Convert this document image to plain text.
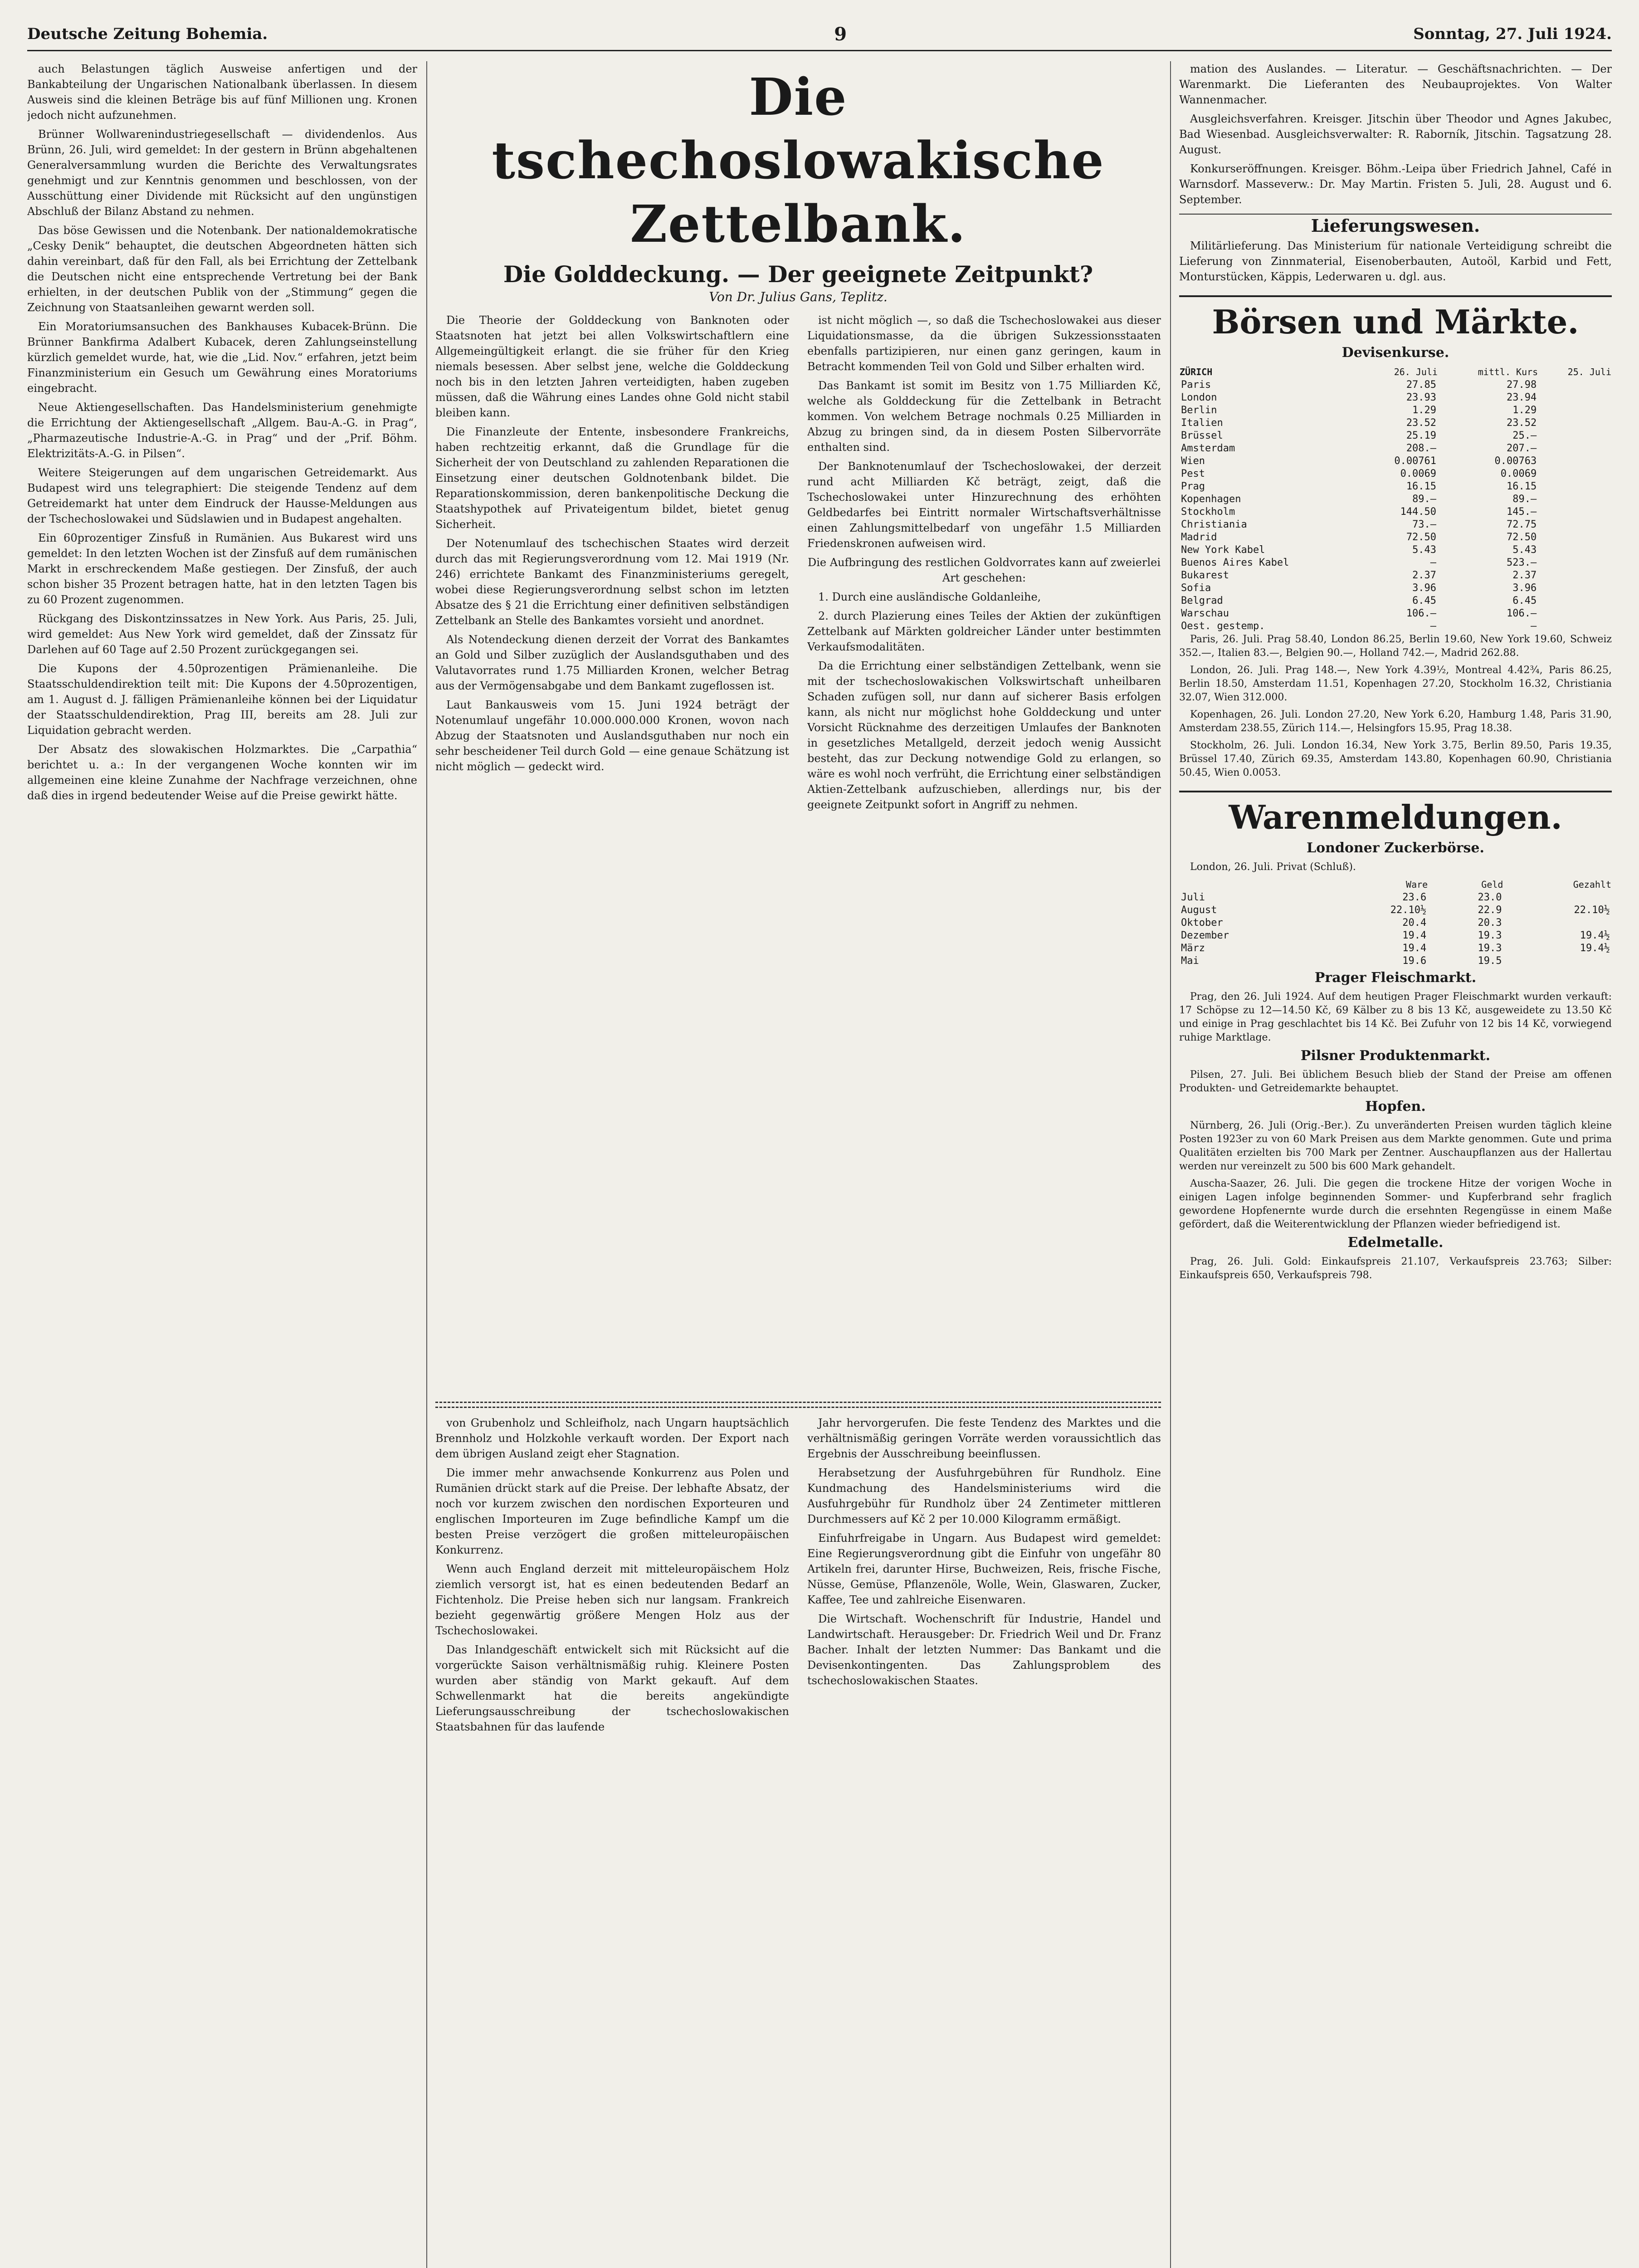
Deutsche Zeitung Bohemia.	9	Sonntag, 27. Juli 1924.

auch Belastungen täglich Ausweise anfertigen und der Bankabteilung der Ungarischen Nationalbank überlassen. In diesem Ausweis sind die kleinen Beträge bis auf fünf Millionen ung. Kronen jedoch nicht aufzunehmen.

Brünner Wollwarenindustriegesellschaft — dividendenlos. Aus Brünn, 26. Juli, wird gemeldet: In der gestern in Brünn abgehaltenen Generalversammlung wurden die Berichte des Verwaltungsrates genehmigt und zur Kenntnis genommen und beschlossen, von der Ausschüttung einer Dividende mit Rücksicht auf den ungünstigen Abschluß der Bilanz Abstand zu nehmen.

Das böse Gewissen und die Notenbank. Der nationaldemokratische „Cesky Denik“ behauptet, die deutschen Abgeordneten hätten sich dahin vereinbart, daß für den Fall, als bei Errichtung der Zettelbank die Deutschen nicht eine entsprechende Vertretung bei der Bank erhielten, in der deutschen Publik von der „Stimmung“ gegen die Zeichnung von Staatsanleihen gewarnt werden soll.

Ein Moratoriumsansuchen des Bankhauses Kubacek-Brünn. Die Brünner Bankfirma Adalbert Kubacek, deren Zahlungseinstellung kürzlich gemeldet wurde, hat, wie die „Lid. Nov.“ erfahren, jetzt beim Finanzministerium ein Gesuch um Gewährung eines Moratoriums eingebracht.

Neue Aktiengesellschaften. Das Handelsministerium genehmigte die Errichtung der Aktiengesellschaft „Allgem. Bau-A.-G. in Prag“, „Pharmazeutische Industrie-A.-G. in Prag“ und der „Prif. Böhm. Elektrizitäts-A.-G. in Pilsen“.

Weitere Steigerungen auf dem ungarischen Getreidemarkt. Aus Budapest wird uns telegraphiert: Die steigende Tendenz auf dem Getreidemarkt hat unter dem Eindruck der Hausse-Meldungen aus der Tschechoslowakei und Südslawien und in Budapest angehalten.

Ein 60prozentiger Zinsfuß in Rumänien. Aus Bukarest wird uns gemeldet: In den letzten Wochen ist der Zinsfuß auf dem rumänischen Markt in erschreckendem Maße gestiegen. Der Zinsfuß, der auch schon bisher 35 Prozent betragen hatte, hat in den letzten Tagen bis zu 60 Prozent zugenommen.

Rückgang des Diskontzinssatzes in New York. Aus Paris, 25. Juli, wird gemeldet: Aus New York wird gemeldet, daß der Zinssatz für Darlehen auf 60 Tage auf 2.50 Prozent zurückgegangen sei.

Die Kupons der 4.50prozentigen Prämienanleihe. Die Staatsschuldendirektion teilt mit: Die Kupons der 4.50prozentigen, am 1. August d. J. fälligen Prämienanleihe können bei der Liquidatur der Staatsschuldendirektion, Prag III, bereits am 28. Juli zur Liquidation gebracht werden.

Der Absatz des slowakischen Holzmarktes. Die „Carpathia“ berichtet u. a.: In der vergangenen Woche konnten wir im allgemeinen eine kleine Zunahme der Nachfrage verzeichnen, ohne daß dies in irgend bedeutender Weise auf die Preise gewirkt hätte.

Die tschechoslowakische Zettelbank.
Die Golddeckung. — Der geeignete Zeitpunkt?
Von Dr. Julius Gans, Teplitz.

Die Theorie der Golddeckung von Banknoten oder Staatsnoten hat jetzt bei allen Volkswirtschaftlern eine Allgemeingültigkeit erlangt. die sie früher für den Krieg niemals besessen. Aber selbst jene, welche die Golddeckung noch bis in den letzten Jahren verteidigten, haben zugeben müssen, daß die Währung eines Landes ohne Gold nicht stabil bleiben kann.

Die Finanzleute der Entente, insbesondere Frankreichs, haben rechtzeitig erkannt, daß die Grundlage für die Sicherheit der von Deutschland zu zahlenden Reparationen die Einsetzung einer deutschen Goldnotenbank bildet. Die Reparationskommission, deren bankenpolitische Deckung die Staatshypothek auf Privateigentum bildet, bietet genug Sicherheit.

Der Notenumlauf des tschechischen Staates wird derzeit durch das mit Regierungsverordnung vom 12. Mai 1919 (Nr. 246) errichtete Bankamt des Finanzministeriums geregelt, wobei diese Regierungsverordnung selbst schon im letzten Absatze des § 21 die Errichtung einer definitiven selbständigen Zettelbank an Stelle des Bankamtes vorsieht und anordnet.

Als Notendeckung dienen derzeit der Vorrat des Bankamtes an Gold und Silber zuzüglich der Auslandsguthaben und des Valutavorrates rund 1.75 Milliarden Kronen, welcher Betrag aus der Vermögensabgabe und dem Bankamt zugeflossen ist.

Laut Bankausweis vom 15. Juni 1924 beträgt der Notenumlauf ungefähr 10.000.000.000 Kronen, wovon nach Abzug der Staatsnoten und Auslandsguthaben nur noch ein sehr bescheidener Teil durch Gold — eine genaue Schätzung ist nicht möglich — gedeckt wird.

ist nicht möglich —, so daß die Tschechoslowakei aus dieser Liquidationsmasse, da die übrigen Sukzessionsstaaten ebenfalls partizipieren, nur einen ganz geringen, kaum in Betracht kommenden Teil von Gold und Silber erhalten wird.

Das Bankamt ist somit im Besitz von 1.75 Milliarden Kč, welche als Golddeckung für die Zettelbank in Betracht kommen. Von welchem Betrage nochmals 0.25 Milliarden in Abzug zu bringen sind, da in diesem Posten Silbervorräte enthalten sind.

Der Banknotenumlauf der Tschechoslowakei, der derzeit rund acht Milliarden Kč beträgt, zeigt, daß die Tschechoslowakei unter Hinzurechnung des erhöhten Geldbedarfes bei Eintritt normaler Wirtschaftsverhältnisse einen Zahlungsmittelbedarf von ungefähr 1.5 Milliarden Friedenskronen aufweisen wird.

Die Aufbringung des restlichen Goldvorrates kann auf zweierlei Art geschehen:

1. Durch eine ausländische Goldanleihe,

2. durch Plazierung eines Teiles der Aktien der zukünftigen Zettelbank auf Märkten goldreicher Länder unter bestimmten Verkaufsmodalitäten.

Da die Errichtung einer selbständigen Zettelbank, wenn sie mit der tschechoslowakischen Volkswirtschaft unheilbaren Schaden zufügen soll, nur dann auf sicherer Basis erfolgen kann, als nicht nur möglichst hohe Golddeckung und unter Vorsicht Rücknahme des derzeitigen Umlaufes der Banknoten in gesetzliches Metallgeld, derzeit jedoch wenig Aussicht besteht, das zur Deckung notwendige Gold zu erlangen, so wäre es wohl noch verfrüht, die Errichtung einer selbständigen Aktien-Zettelbank aufzuschieben, allerdings nur, bis der geeignete Zeitpunkt sofort in Angriff zu nehmen.

von Grubenholz und Schleifholz, nach Ungarn hauptsächlich Brennholz und Holzkohle verkauft worden. Der Export nach dem übrigen Ausland zeigt eher Stagnation.

Die immer mehr anwachsende Konkurrenz aus Polen und Rumänien drückt stark auf die Preise. Der lebhafte Absatz, der noch vor kurzem zwischen den nordischen Exporteuren und englischen Importeuren im Zuge befindliche Kampf um die besten Preise verzögert die großen mitteleuropäischen Konkurrenz.

Wenn auch England derzeit mit mitteleuropäischem Holz ziemlich versorgt ist, hat es einen bedeutenden Bedarf an Fichtenholz. Die Preise heben sich nur langsam. Frankreich bezieht gegenwärtig größere Mengen Holz aus der Tschechoslowakei.

Das Inlandgeschäft entwickelt sich mit Rücksicht auf die vorgerückte Saison verhältnismäßig ruhig. Kleinere Posten wurden aber ständig von Markt gekauft. Auf dem Schwellenmarkt hat die bereits angekündigte Lieferungsausschreibung der tschechoslowakischen Staatsbahnen für das laufende

Jahr hervorgerufen. Die feste Tendenz des Marktes und die verhältnismäßig geringen Vorräte werden voraussichtlich das Ergebnis der Ausschreibung beeinflussen.

Herabsetzung der Ausfuhrgebühren für Rundholz. Eine Kundmachung des Handelsministeriums wird die Ausfuhrgebühr für Rundholz über 24 Zentimeter mittleren Durchmessers auf Kč 2 per 10.000 Kilogramm ermäßigt.

Einfuhrfreigabe in Ungarn. Aus Budapest wird gemeldet: Eine Regierungsverordnung gibt die Einfuhr von ungefähr 80 Artikeln frei, darunter Hirse, Buchweizen, Reis, frische Fische, Nüsse, Gemüse, Pflanzenöle, Wolle, Wein, Glaswaren, Zucker, Kaffee, Tee und zahlreiche Eisenwaren.

Die Wirtschaft. Wochenschrift für Industrie, Handel und Landwirtschaft. Herausgeber: Dr. Friedrich Weil und Dr. Franz Bacher. Inhalt der letzten Nummer: Das Bankamt und die Devisenkontingenten. Das Zahlungsproblem des tschechoslowakischen Staates.

mation des Auslandes. — Literatur. — Geschäftsnachrichten. — Der Warenmarkt. Die Lieferanten des Neubauprojektes. Von Walter Wannenmacher.

Ausgleichsverfahren. Kreisger. Jitschin über Theodor und Agnes Jakubec, Bad Wiesenbad. Ausgleichsverwalter: R. Raborník, Jitschin. Tagsatzung 28. August.

Konkurseröffnungen. Kreisger. Böhm.-Leipa über Friedrich Jahnel, Café in Warnsdorf. Masseverw.: Dr. May Martin. Fristen 5. Juli, 28. August und 6. September.

Lieferungswesen.

Militärlieferung. Das Ministerium für nationale Verteidigung schreibt die Lieferung von Zinnmaterial, Eisenoberbauten, Autoöl, Karbid und Fett, Monturstücken, Käppis, Lederwaren u. dgl. aus.

Börsen und Märkte.
Devisenkurse.
ZÜRICH	26. Juli	mittl. Kurs	25. Juli
Paris	27.85	27.98	
London	23.93	23.94	
Berlin	1.29	1.29	
Italien	23.52	23.52	
Brüssel	25.19	25.—	
Amsterdam	208.—	207.—	
Wien	0.00761	0.00763	
Pest	0.0069	0.0069	
Prag	16.15	16.15	
Kopenhagen	89.—	89.—	
Stockholm	144.50	145.—	
Christiania	73.—	72.75	
Madrid	72.50	72.50	
New York Kabel	5.43	5.43	
Buenos Aires Kabel	—	523.—	
Bukarest	2.37	2.37	
Sofia	3.96	3.96	
Belgrad	6.45	6.45	
Warschau	106.—	106.—	
Oest. gestemp.	—	—	

Paris, 26. Juli. Prag 58.40, London 86.25, Berlin 19.60, New York 19.60, Schweiz 352.—, Italien 83.—, Belgien 90.—, Holland 742.—, Madrid 262.88.

London, 26. Juli. Prag 148.—, New York 4.39½, Montreal 4.42¾, Paris 86.25, Berlin 18.50, Amsterdam 11.51, Kopenhagen 27.20, Stockholm 16.32, Christiania 32.07, Wien 312.000.

Kopenhagen, 26. Juli. London 27.20, New York 6.20, Hamburg 1.48, Paris 31.90, Amsterdam 238.55, Zürich 114.—, Helsingfors 15.95, Prag 18.38.

Stockholm, 26. Juli. London 16.34, New York 3.75, Berlin 89.50, Paris 19.35, Brüssel 17.40, Zürich 69.35, Amsterdam 143.80, Kopenhagen 60.90, Christiania 50.45, Wien 0.0053.

Warenmeldungen.
Londoner Zuckerbörse.

London, 26. Juli. Privat (Schluß).

	Ware	Geld	Gezahlt
Juli	23.6	23.0	
August	22.10½	22.9	22.10½
Oktober	20.4	20.3	
Dezember	19.4	19.3	19.4½
März	19.4	19.3	19.4½
Mai	19.6	19.5	
Prager Fleischmarkt.

Prag, den 26. Juli 1924. Auf dem heutigen Prager Fleischmarkt wurden verkauft: 17 Schöpse zu 12—14.50 Kč, 69 Kälber zu 8 bis 13 Kč, ausgeweidete zu 13.50 Kč und einige in Prag geschlachtet bis 14 Kč. Bei Zufuhr von 12 bis 14 Kč, vorwiegend ruhige Marktlage.

Pilsner Produktenmarkt.

Pilsen, 27. Juli. Bei üblichem Besuch blieb der Stand der Preise am offenen Produkten- und Getreidemarkte behauptet.

Hopfen.

Nürnberg, 26. Juli (Orig.-Ber.). Zu unveränderten Preisen wurden täglich kleine Posten 1923er zu von 60 Mark Preisen aus dem Markte genommen. Gute und prima Qualitäten erzielten bis 700 Mark per Zentner. Auschaupflanzen aus der Hallertau werden nur vereinzelt zu 500 bis 600 Mark gehandelt.

Auscha-Saazer, 26. Juli. Die gegen die trockene Hitze der vorigen Woche in einigen Lagen infolge beginnenden Sommer- und Kupferbrand sehr fraglich gewordene Hopfenernte wurde durch die ersehnten Regengüsse in einem Maße gefördert, daß die Weiterentwicklung der Pflanzen wieder befriedigend ist.

Edelmetalle.

Prag, 26. Juli. Gold: Einkaufspreis 21.107, Verkaufspreis 23.763; Silber: Einkaufspreis 650, Verkaufspreis 798.
